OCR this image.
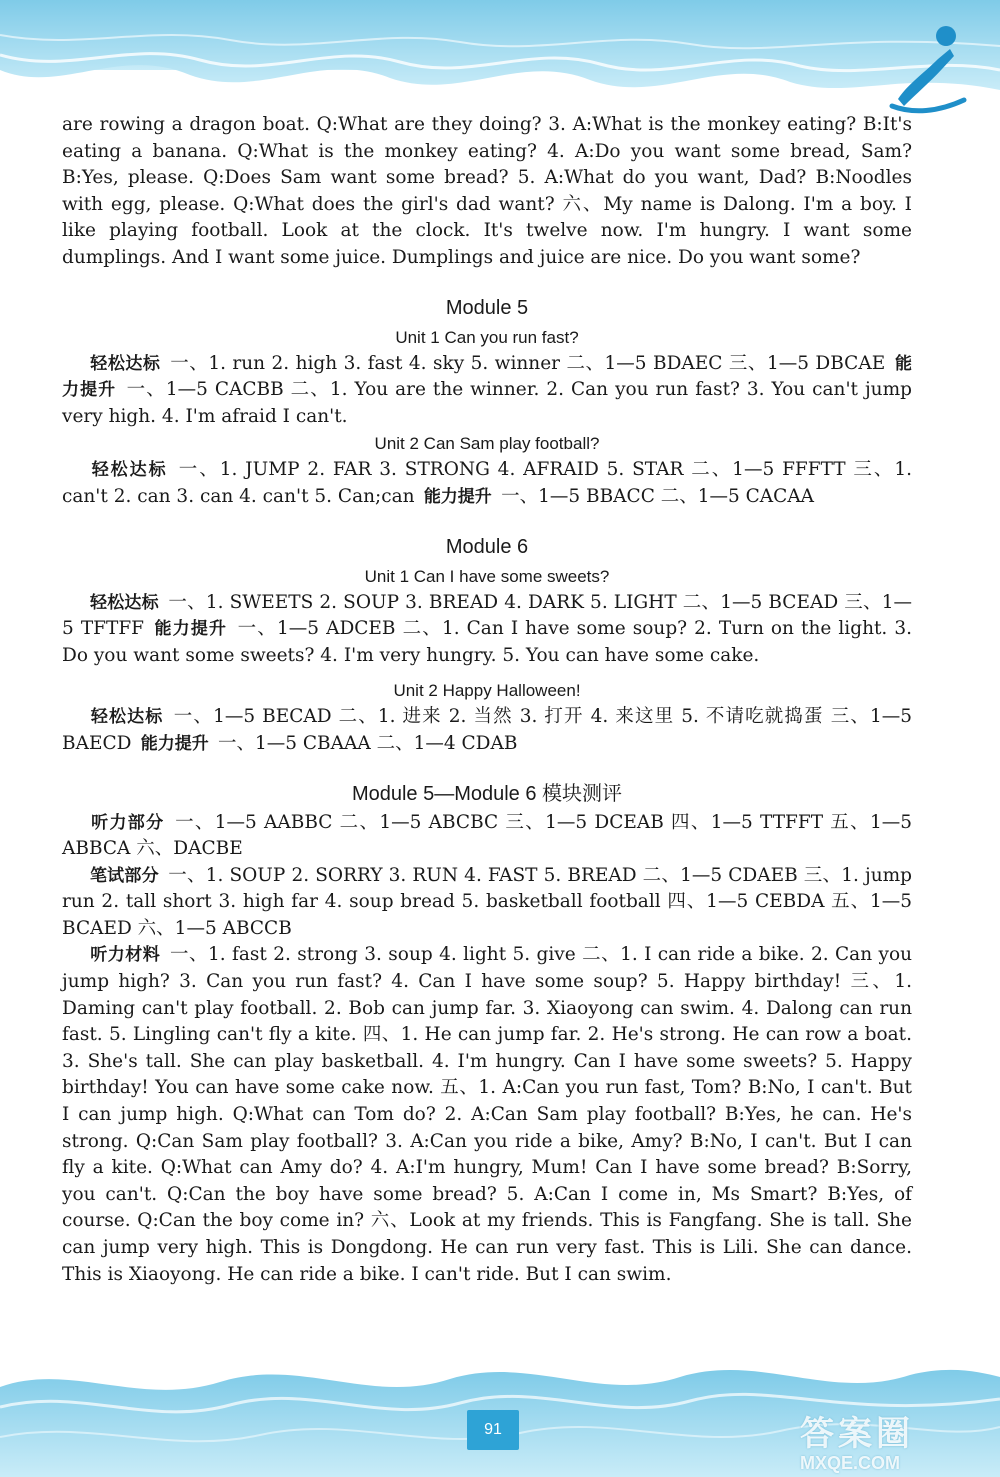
are rowing a dragon boat. Q:What are they doing? 3. A:What is the monkey eating? B:It's eating a banana. Q:What is the monkey eating? 4. A:Do you want some bread, Sam? B:Yes, please. Q:Does Sam want some bread? 5. A:What do you want, Dad? B:Noodles with egg, please. Q:What does the girl's dad want? 六、My name is Dalong. I'm a boy. I like playing football. Look at the clock. It's twelve now. I'm hungry. I want some dumplings. And I want some juice. Dumplings and juice are nice. Do you want some?

Module 5
Unit 1 Can you run fast?

  轻松达标  一、1. run 2. high 3. fast 4. sky 5. winner 二、1—5 BDAEC 三、1—5 DBCAE  能力提升  一、1—5 CACBB 二、1. You are the winner. 2. Can you run fast? 3. You can't jump very high. 4. I'm afraid I can't.

Unit 2 Can Sam play football?

  轻松达标  一、1. JUMP 2. FAR 3. STRONG 4. AFRAID 5. STAR 二、1—5 FFFTT 三、1. can't 2. can 3. can 4. can't 5. Can;can  能力提升  一、1—5 BBACC 二、1—5 CACAA

Module 6
Unit 1 Can I have some sweets?

  轻松达标  一、1. SWEETS 2. SOUP 3. BREAD 4. DARK 5. LIGHT 二、1—5 BCEAD 三、1—5 TFTFF  能力提升  一、1—5 ADCEB 二、1. Can I have some soup? 2. Turn on the light. 3. Do you want some sweets? 4. I'm very hungry. 5. You can have some cake.

Unit 2 Happy Halloween!

  轻松达标  一、1—5 BECAD 二、1. 进来 2. 当然 3. 打开 4. 来这里 5. 不请吃就捣蛋 三、1—5 BAECD  能力提升  一、1—5 CBAAA 二、1—4 CDAB

Module 5—Module 6 模块测评

  听力部分  一、1—5 AABBC 二、1—5 ABCBC 三、1—5 DCEAB 四、1—5 TTFFT 五、1—5 ABBCA 六、DACBE

  笔试部分  一、1. SOUP 2. SORRY 3. RUN 4. FAST 5. BREAD 二、1—5 CDAEB 三、1. jump run 2. tall short 3. high far 4. soup bread 5. basketball football 四、1—5 CEBDA 五、1—5 BCAED 六、1—5 ABCCB

  听力材料  一、1. fast 2. strong 3. soup 4. light 5. give 二、1. I can ride a bike. 2. Can you jump high? 3. Can you run fast? 4. Can I have some soup? 5. Happy birthday! 三、1. Daming can't play football. 2. Bob can jump far. 3. Xiaoyong can swim. 4. Dalong can run fast. 5. Lingling can't fly a kite. 四、1. He can jump far. 2. He's strong. He can row a boat. 3. She's tall. She can play basketball. 4. I'm hungry. Can I have some sweets? 5. Happy birthday! You can have some cake now. 五、1. A:Can you run fast, Tom? B:No, I can't. But I can jump high. Q:What can Tom do? 2. A:Can Sam play football? B:Yes, he can. He's strong. Q:Can Sam play football? 3. A:Can you ride a bike, Amy? B:No, I can't. But I can fly a kite. Q:What can Amy do? 4. A:I'm hungry, Mum! Can I have some bread? B:Sorry, you can't. Q:Can the boy have some bread? 5. A:Can I come in, Ms Smart? B:Yes, of course. Q:Can the boy come in? 六、Look at my friends. This is Fangfang. She is tall. She can jump very high. This is Dongdong. He can run very fast. This is Lili. She can dance. This is Xiaoyong. He can ride a bike. I can't ride. But I can swim.

91	答案圈
MXQE.COM
